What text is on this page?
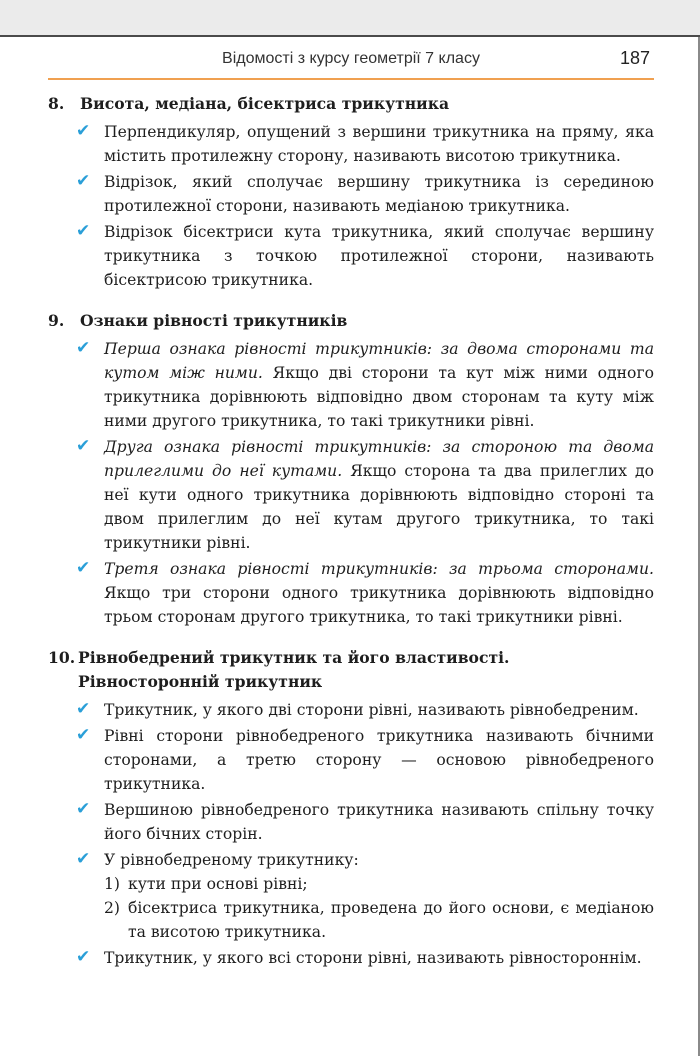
Відомості з курсу геометрії 7 класу	187
8.	Висота, медіана, бісектриса трикутника
✔ Перпендикуляр, опущений з вершини трикутника на пряму, яка містить протилежну сторону, називають висотою трикутника.
✔ Відрізок, який сполучає вершину трикутника із серединою протилежної сторони, називають медіаною трикутника.
✔ Відрізок бісектриси кута трикутника, який сполучає вершину трикутника з точкою протилежної сторони, називають бісектрисою трикутника.
9.	Ознаки рівності трикутників
✔ Перша ознака рівності трикутників: за двома сторонами та кутом між ними. Якщо дві сторони та кут між ними одного трикутника дорівнюють відповідно двом сторонам та куту між ними другого трикутника, то такі трикутники рівні.
✔ Друга ознака рівності трикутників: за стороною та двома прилеглими до неї кутами. Якщо сторона та два прилеглих до неї кути одного трикутника дорівнюють відповідно стороні та двом прилеглим до неї кутам другого трикутника, то такі трикутники рівні.
✔ Третя ознака рівності трикутників: за трьома сторонами. Якщо три сторони одного трикутника дорівнюють відповідно трьом сторонам другого трикутника, то такі трикутники рівні.
10. Рівнобедрений трикутник та його властивості. Рівносторонній трикутник
✔ Трикутник, у якого дві сторони рівні, називають рівнобедреним.
✔ Рівні сторони рівнобедреного трикутника називають бічними сторонами, а третю сторону — основою рівнобедреного трикутника.
✔ Вершиною рівнобедреного трикутника називають спільну точку його бічних сторін.
✔ У рівнобедреному трикутнику:
1) кути при основі рівні;
2) бісектриса трикутника, проведена до його основи, є медіаною та висотою трикутника.
✔ Трикутник, у якого всі сторони рівні, називають рівностороннім.
